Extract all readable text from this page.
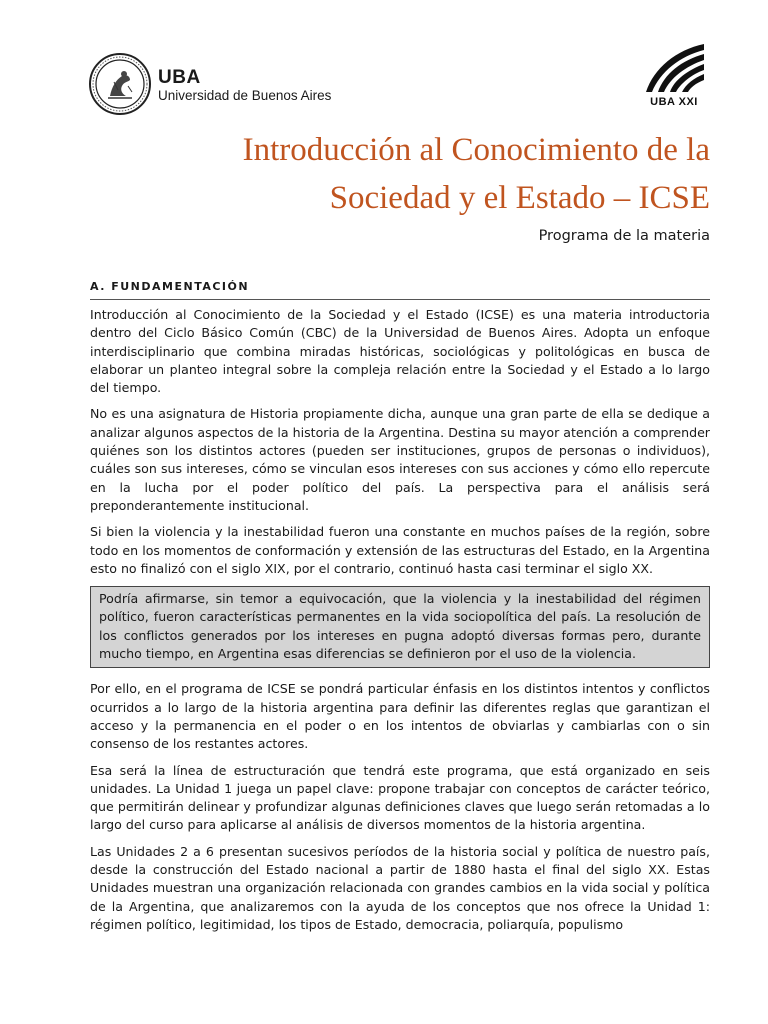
UBA
Universidad de Buenos Aires	UBA XXI
Introducción al Conocimiento de la
Sociedad y el Estado – ICSE
Programa de la materia
A. FUNDAMENTACIÓN

Introducción al Conocimiento de la Sociedad y el Estado (ICSE) es una materia introductoria dentro del Ciclo Básico Común (CBC) de la Universidad de Buenos Aires. Adopta un enfoque interdisciplinario que combina miradas históricas, sociológicas y politológicas en busca de elaborar un planteo integral sobre la compleja relación entre la Sociedad y el Estado a lo largo del tiempo.

No es una asignatura de Historia propiamente dicha, aunque una gran parte de ella se dedique a analizar algunos aspectos de la historia de la Argentina. Destina su mayor atención a comprender quiénes son los distintos actores (pueden ser instituciones, grupos de personas o individuos), cuáles son sus intereses, cómo se vinculan esos intereses con sus acciones y cómo ello repercute en la lucha por el poder político del país. La perspectiva para el análisis será preponderantemente institucional.

Si bien la violencia y la inestabilidad fueron una constante en muchos países de la región, sobre todo en los momentos de conformación y extensión de las estructuras del Estado, en la Argentina esto no finalizó con el siglo XIX, por el contrario, continuó hasta casi terminar el siglo XX.

Podría afirmarse, sin temor a equivocación, que la violencia y la inestabilidad del régimen político, fueron características permanentes en la vida sociopolítica del país. La resolución de los conflictos generados por los intereses en pugna adoptó diversas formas pero, durante mucho tiempo, en Argentina esas diferencias se definieron por el uso de la violencia.

Por ello, en el programa de ICSE se pondrá particular énfasis en los distintos intentos y conflictos ocurridos a lo largo de la historia argentina para definir las diferentes reglas que garantizan el acceso y la permanencia en el poder o en los intentos de obviarlas y cambiarlas con o sin consenso de los restantes actores.

Esa será la línea de estructuración que tendrá este programa, que está organizado en seis unidades. La Unidad 1 juega un papel clave: propone trabajar con conceptos de carácter teórico, que permitirán delinear y profundizar algunas definiciones claves que luego serán retomadas a lo largo del curso para aplicarse al análisis de diversos momentos de la historia argentina.

Las Unidades 2 a 6 presentan sucesivos períodos de la historia social y política de nuestro país, desde la construcción del Estado nacional a partir de 1880 hasta el final del siglo XX. Estas Unidades muestran una organización relacionada con grandes cambios en la vida social y política de la Argentina, que analizaremos con la ayuda de los conceptos que nos ofrece la Unidad 1: régimen político, legitimidad, los tipos de Estado, democracia, poliarquía, populismo
